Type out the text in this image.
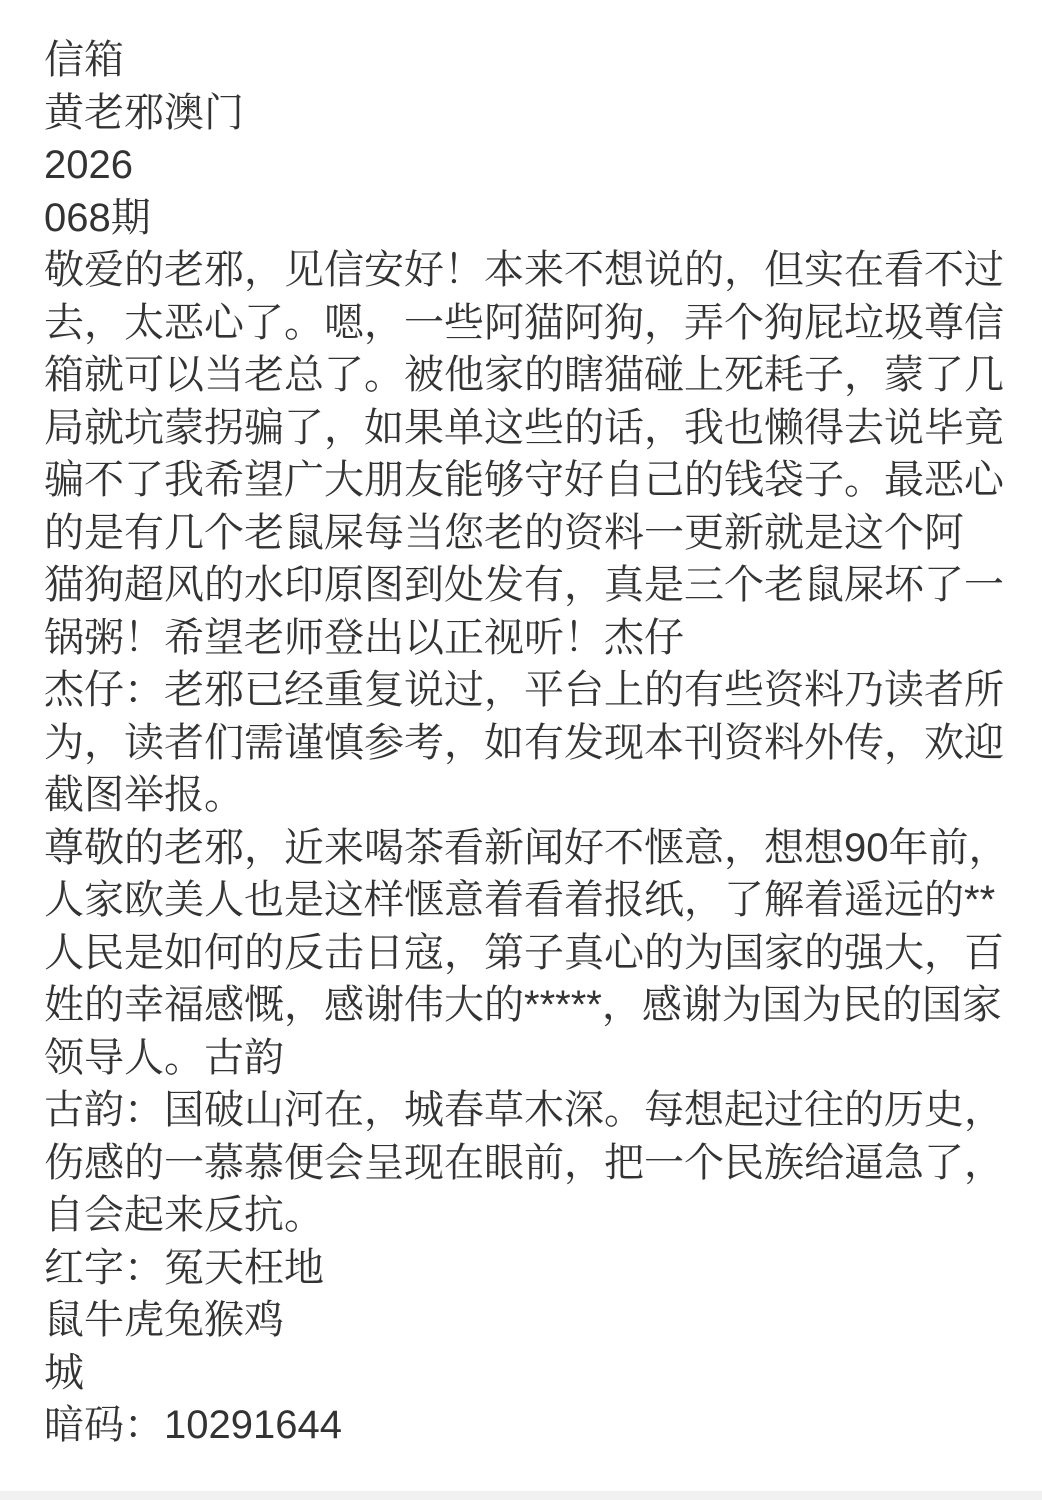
信箱
黄老邪澳门
2026
068期
敬爱的老邪，见信安好！本来不想说的，但实在看不过
去，太恶心了。嗯，一些阿猫阿狗，弄个狗屁垃圾尊信
箱就可以当老总了。被他家的瞎猫碰上死耗子，蒙了几
局就坑蒙拐骗了，如果单这些的话，我也懒得去说毕竟
骗不了我希望广大朋友能够守好自己的钱袋子。最恶心
的是有几个老鼠屎每当您老的资料一更新就是这个阿
猫狗超风的水印原图到处发有，真是三个老鼠屎坏了一
锅粥！希望老师登出以正视听！杰仔
杰仔：老邪已经重复说过，平台上的有些资料乃读者所
为，读者们需谨慎参考，如有发现本刊资料外传，欢迎
截图举报。
尊敬的老邪，近来喝茶看新闻好不惬意，想想90年前，
人家欧美人也是这样惬意着看着报纸，了解着遥远的**
人民是如何的反击日寇，第子真心的为国家的强大，百
姓的幸福感慨，感谢伟大的*****，感谢为国为民的国家
领导人。古韵
古韵：国破山河在，城春草木深。每想起过往的历史，
伤感的一慕慕便会呈现在眼前，把一个民族给逼急了，
自会起来反抗。
红字：冤天枉地
鼠牛虎兔猴鸡
城
暗码：10291644
